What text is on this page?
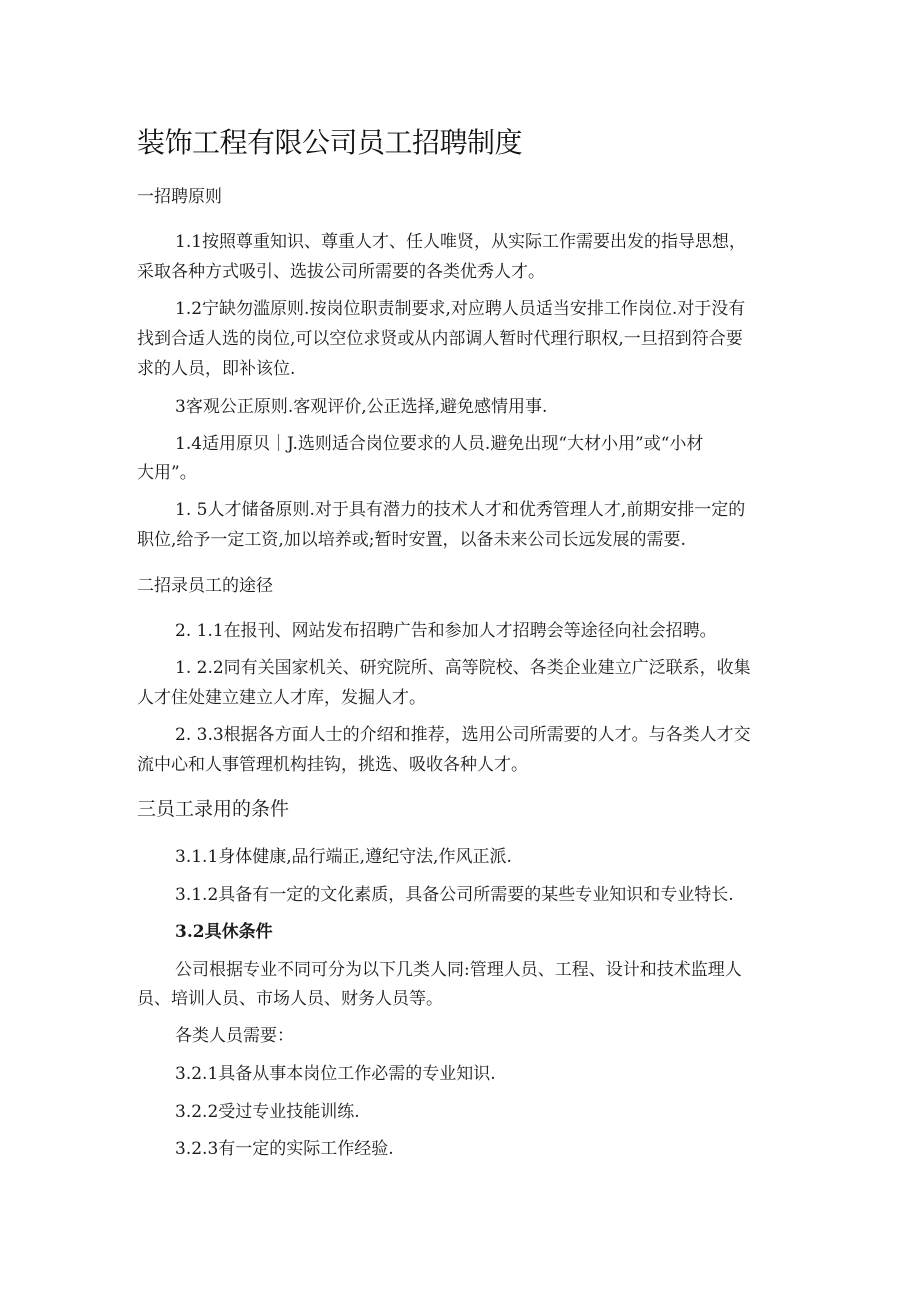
装饰工程有限公司员工招聘制度
一招聘原则
1.1按照尊重知识、尊重人才、任人唯贤，从实际工作需要出发的指导思想，
采取各种方式吸引、选拔公司所需要的各类优秀人才。
1.2宁缺勿滥原则.按岗位职责制要求,对应聘人员适当安排工作岗位.对于没有
找到合适人选的岗位,可以空位求贤或从内部调人暂时代理行职权,一旦招到符合要
求的人员，即补该位.
3客观公正原则.客观评价,公正选择,避免感情用事.
1.4适用原贝｜J.选则适合岗位要求的人员.避免出现“大材小用”或“小材
大用”。
1. 5人才储备原则.对于具有潜力的技术人才和优秀管理人才,前期安排一定的
职位,给予一定工资,加以培养或;暂时安置，以备未来公司长远发展的需要.
二招录员工的途径
2. 1.1在报刊、网站发布招聘广告和参加人才招聘会等途径向社会招聘。
1. 2.2同有关国家机关、研究院所、高等院校、各类企业建立广泛联系，收集
人才住处建立建立人才库，发掘人才。
2. 3.3根据各方面人士的介绍和推荐，选用公司所需要的人才。与各类人才交
流中心和人事管理机构挂钩，挑选、吸收各种人才。
三员工录用的条件
3.1.1身体健康,品行端正,遵纪守法,作风正派.
3.1.2具备有一定的文化素质，具备公司所需要的某些专业知识和专业特长.
3.2具休条件
公司根据专业不同可分为以下几类人同:管理人员、工程、设计和技术监理人
员、培训人员、市场人员、财务人员等。
各类人员需要：
3.2.1具备从事本岗位工作必需的专业知识.
3.2.2受过专业技能训练.
3.2.3有一定的实际工作经验.
